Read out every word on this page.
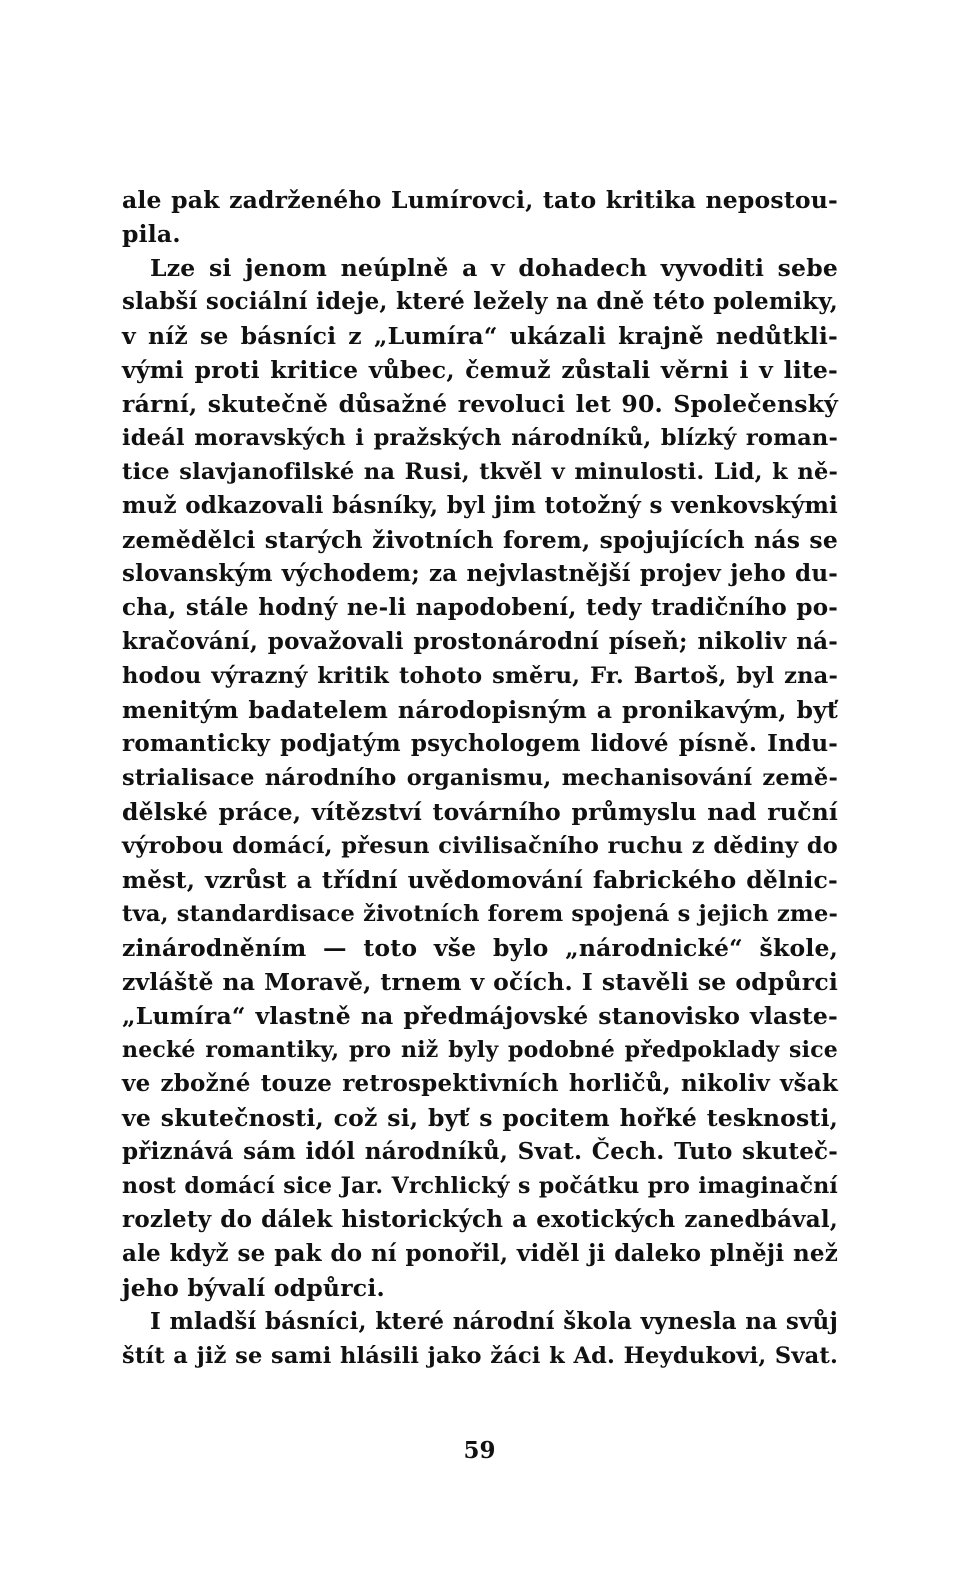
ale pak zadrženého Lumírovci, tato kritika nepostou-
pila.
Lze si jenom neúplně a v dohadech vyvoditi sebe
slabší sociální ideje, které ležely na dně této polemiky,
v níž se básníci z „Lumíra“ ukázali krajně nedůtkli-
vými proti kritice vůbec, čemuž zůstali věrni i v lite-
rární, skutečně důsažné revoluci let 90. Společenský
ideál moravských i pražských národníků, blízký roman-
tice slavjanofilské na Rusi, tkvěl v minulosti. Lid, k ně-
muž odkazovali básníky, byl jim totožný s venkovskými
zemědělci starých životních forem, spojujících nás se
slovanským východem; za nejvlastnější projev jeho du-
cha, stále hodný ne-li napodobení, tedy tradičního po-
kračování, považovali prostonárodní píseň; nikoliv ná-
hodou výrazný kritik tohoto směru, Fr. Bartoš, byl zna-
menitým badatelem národopisným a pronikavým, byť
romanticky podjatým psychologem lidové písně. Indu-
strialisace národního organismu, mechanisování země-
dělské práce, vítězství továrního průmyslu nad ruční
výrobou domácí, přesun civilisačního ruchu z dědiny do
měst, vzrůst a třídní uvědomování fabrického dělnic-
tva, standardisace životních forem spojená s jejich zme-
zinárodněním — toto vše bylo „národnické“ škole,
zvláště na Moravě, trnem v očích. I stavěli se odpůrci
„Lumíra“ vlastně na předmájovské stanovisko vlaste-
necké romantiky, pro niž byly podobné předpoklady sice
ve zbožné touze retrospektivních horličů, nikoliv však
ve skutečnosti, což si, byť s pocitem hořké tesknosti,
přiznává sám idól národníků, Svat. Čech. Tuto skuteč-
nost domácí sice Jar. Vrchlický s počátku pro imaginační
rozlety do dálek historických a exotických zanedbával,
ale když se pak do ní ponořil, viděl ji daleko plněji než
jeho bývalí odpůrci.
I mladší básníci, které národní škola vynesla na svůj
štít a již se sami hlásili jako žáci k Ad. Heydukovi, Svat.
59
